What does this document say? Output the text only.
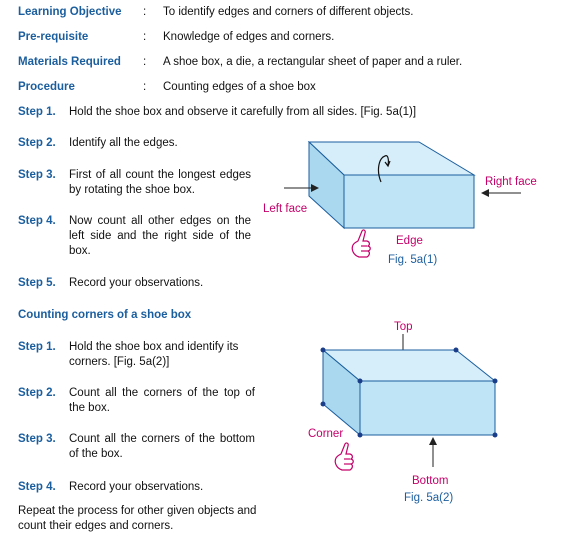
Learning Objective	: To identify edges and corners of different objects.
Pre-requisite	: Knowledge of edges and corners.
Materials Required	: A shoe box, a die, a rectangular sheet of paper and a ruler.
Procedure	: Counting edges of a shoe box
Step 1. Hold the shoe box and observe it carefully from all sides. [Fig. 5a(1)]
Step 2. Identify all the edges.
Step 3. First of all count the longest edges by rotating the shoe box.
Step 4. Now count all other edges on the left side and the right side of the box.
Step 5. Record your observations.
Counting corners of a shoe box
Step 1. Hold the shoe box and identify its corners. [Fig. 5a(2)]
Step 2. Count all the corners of the top of the box.
Step 3. Count all the corners of the bottom of the box.
Step 4. Record your observations.
Repeat the process for other given objects and count their edges and corners.
Left face
Right face
Edge
Fig. 5a(1)
Top
Corner
Bottom
Fig. 5a(2)
